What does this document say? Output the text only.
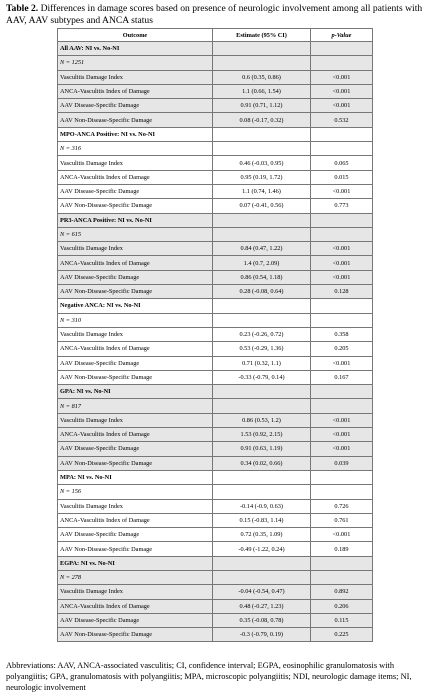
Table 2. Differences in damage scores based on presence of neurologic involvement among all patients with AAV, AAV subtypes and ANCA status
Outcome	Estimate (95% CI)	p-Value
All AAV: NI vs. No-NI		
N = 1251		
Vasculitis Damage Index	0.6 (0.35, 0.86)	<0.001
ANCA-Vasculitis Index of Damage	1.1 (0.66, 1.54)	<0.001
AAV Disease-Specific Damage	0.91 (0.71, 1.12)	<0.001
AAV Non-Disease-Specific Damage	0.08 (-0.17, 0.32)	0.532
MPO-ANCA Positive: NI vs. No-NI		
N = 316		
Vasculitis Damage Index	0.46 (-0.03, 0.95)	0.065
ANCA-Vasculitis Index of Damage	0.95 (0.19, 1.72)	0.015
AAV Disease-Specific Damage	1.1 (0.74, 1.46)	<0.001
AAV Non-Disease-Specific Damage	0.07 (-0.41, 0.56)	0.773
PR3-ANCA Positive: NI vs. No-NI		
N = 615		
Vasculitis Damage Index	0.84 (0.47, 1.22)	<0.001
ANCA-Vasculitis Index of Damage	1.4 (0.7, 2.09)	<0.001
AAV Disease-Specific Damage	0.86 (0.54, 1.18)	<0.001
AAV Non-Disease-Specific Damage	0.28 (-0.08, 0.64)	0.128
Negative ANCA: NI vs. No-NI		
N = 310		
Vasculitis Damage Index	0.23 (-0.26, 0.72)	0.358
ANCA-Vasculitis Index of Damage	0.53 (-0.29, 1.36)	0.205
AAV Disease-Specific Damage	0.71 (0.32, 1.1)	<0.001
AAV Non-Disease-Specific Damage	-0.33 (-0.79, 0.14)	0.167
GPA: NI vs. No-NI		
N = 817		
Vasculitis Damage Index	0.86 (0.53, 1.2)	<0.001
ANCA-Vasculitis Index of Damage	1.53 (0.92, 2.15)	<0.001
AAV Disease-Specific Damage	0.91 (0.63, 1.19)	<0.001
AAV Non-Disease-Specific Damage	0.34 (0.02, 0.66)	0.039
MPA: NI vs. No-NI		
N = 156		
Vasculitis Damage Index	-0.14 (-0.9, 0.63)	0.726
ANCA-Vasculitis Index of Damage	0.15 (-0.83, 1.14)	0.761
AAV Disease-Specific Damage	0.72 (0.35, 1.09)	<0.001
AAV Non-Disease-Specific Damage	-0.49 (-1.22, 0.24)	0.189
EGPA: NI vs. No-NI		
N = 278		
Vasculitis Damage Index	-0.04 (-0.54, 0.47)	0.892
ANCA-Vasculitis Index of Damage	0.48 (-0.27, 1.23)	0.206
AAV Disease-Specific Damage	0.35 (-0.08, 0.78)	0.115
AAV Non-Disease-Specific Damage	-0.3 (-0.79, 0.19)	0.225
Abbreviations: AAV, ANCA-associated vasculitis; CI, confidence interval; EGPA, eosinophilic granulomatosis with polyangiitis; GPA, granulomatosis with polyangiitis; MPA, microscopic polyangiitis; NDI, neurologic damage items; NI, neurologic involvement
